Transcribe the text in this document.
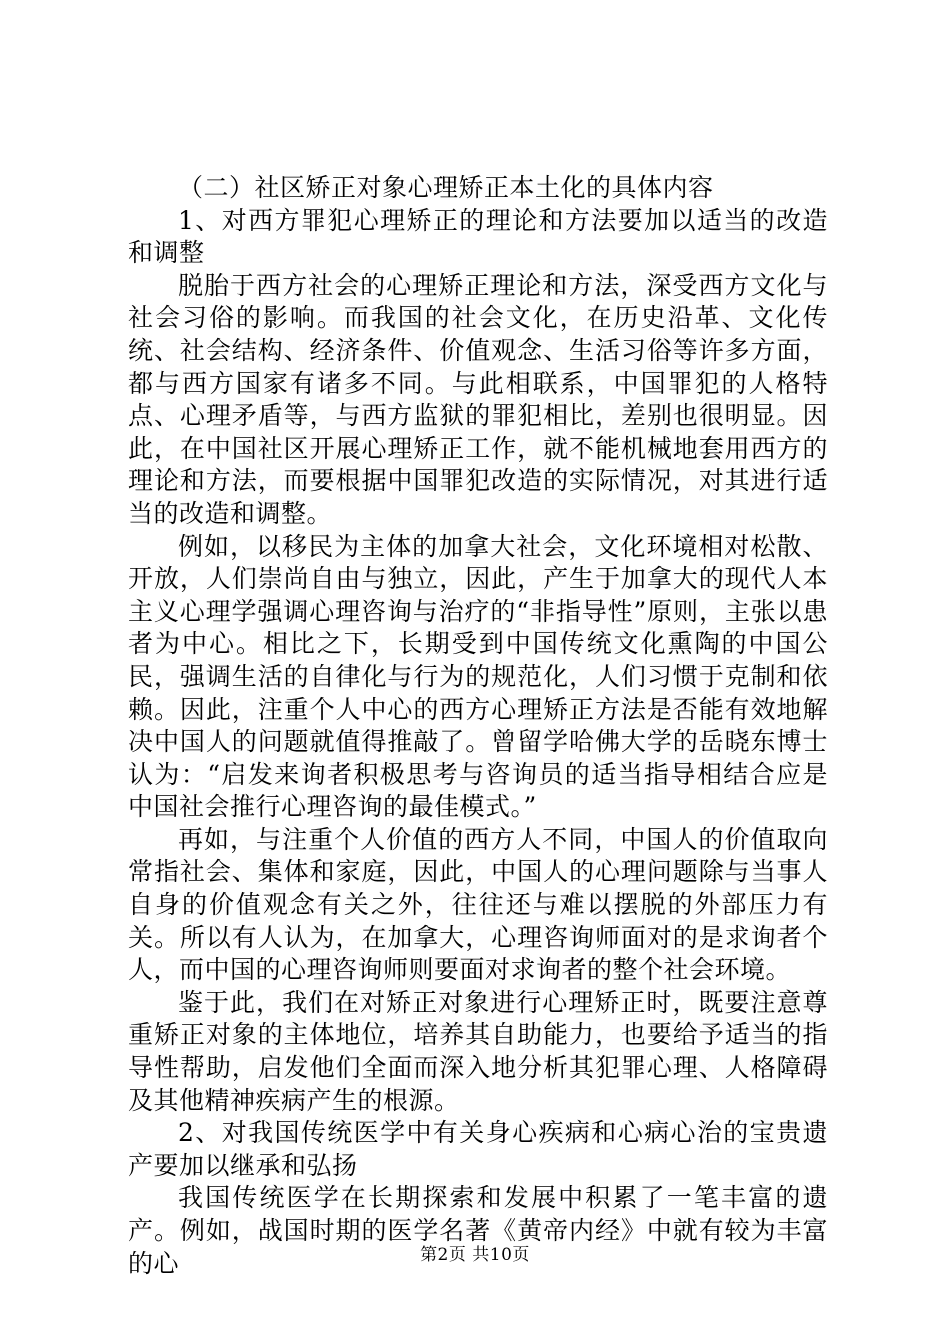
（二）社区矫正对象心理矫正本土化的具体内容

1、对西方罪犯心理矫正的理论和方法要加以适当的改造和调整

脱胎于西方社会的心理矫正理论和方法，深受西方文化与社会习俗的影响。而我国的社会文化，在历史沿革、文化传统、社会结构、经济条件、价值观念、生活习俗等许多方面，都与西方国家有诸多不同。与此相联系，中国罪犯的人格特点、心理矛盾等，与西方监狱的罪犯相比，差别也很明显。因此，在中国社区开展心理矫正工作，就不能机械地套用西方的理论和方法，而要根据中国罪犯改造的实际情况，对其进行适当的改造和调整。

例如，以移民为主体的加拿大社会，文化环境相对松散、开放，人们崇尚自由与独立，因此，产生于加拿大的现代人本主义心理学强调心理咨询与治疗的“非指导性”原则，主张以患者为中心。相比之下，长期受到中国传统文化熏陶的中国公民，强调生活的自律化与行为的规范化，人们习惯于克制和依赖。因此，注重个人中心的西方心理矫正方法是否能有效地解决中国人的问题就值得推敲了。曾留学哈佛大学的岳晓东博士认为：“启发来询者积极思考与咨询员的适当指导相结合应是中国社会推行心理咨询的最佳模式。”

再如，与注重个人价值的西方人不同，中国人的价值取向常指社会、集体和家庭，因此，中国人的心理问题除与当事人自身的价值观念有关之外，往往还与难以摆脱的外部压力有关。所以有人认为，在加拿大，心理咨询师面对的是求询者个人，而中国的心理咨询师则要面对求询者的整个社会环境。

鉴于此，我们在对矫正对象进行心理矫正时，既要注意尊重矫正对象的主体地位，培养其自助能力，也要给予适当的指导性帮助，启发他们全面而深入地分析其犯罪心理、人格障碍及其他精神疾病产生的根源。

2、对我国传统医学中有关身心疾病和心病心治的宝贵遗产要加以继承和弘扬

我国传统医学在长期探索和发展中积累了一笔丰富的遗产。例如，战国时期的医学名著《黄帝内经》中就有较为丰富的心	第2页 共10页
